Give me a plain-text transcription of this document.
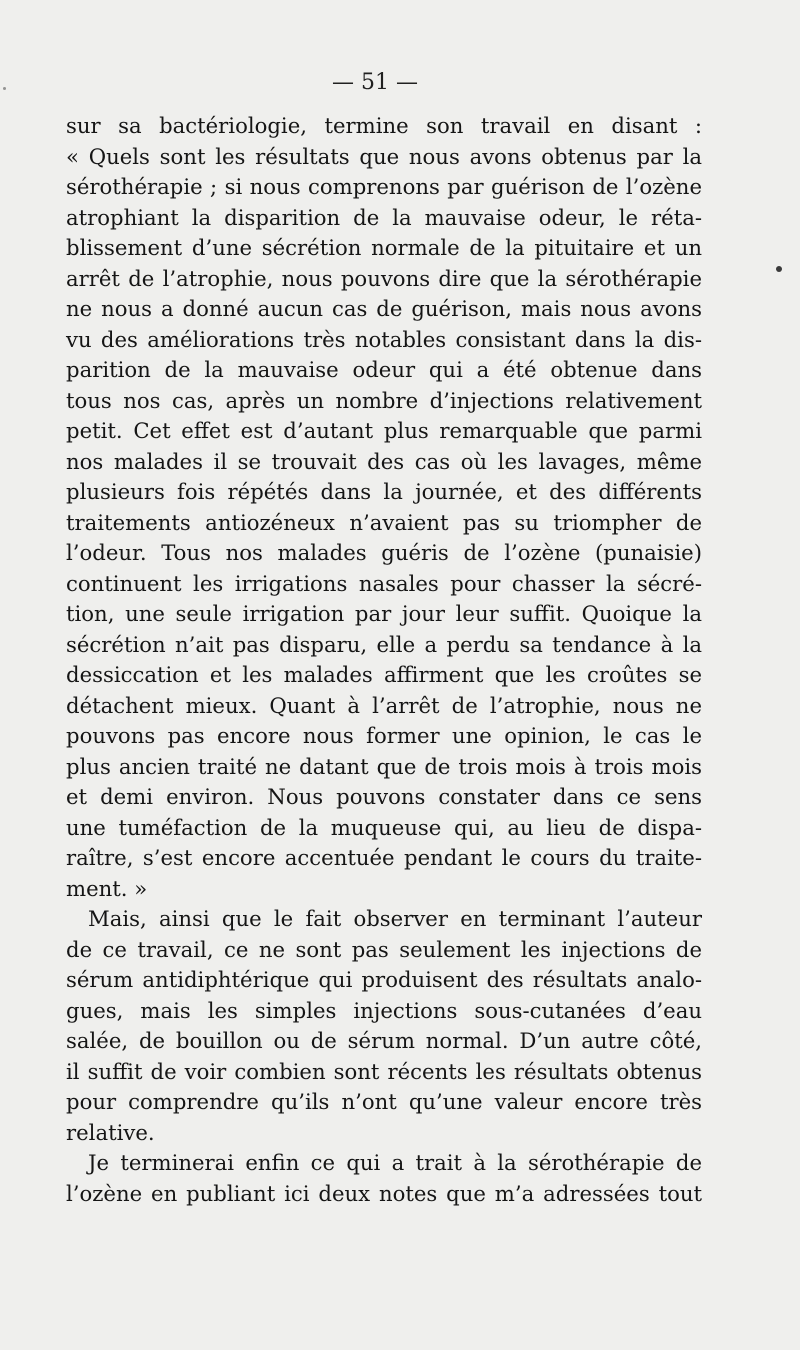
— 51 —
sur sa bactériologie, termine son travail en disant :
« Quels sont les résultats que nous avons obtenus par la
sérothérapie ; si nous comprenons par guérison de l’ozène
atrophiant la disparition de la mauvaise odeur, le réta-
blissement d’une sécrétion normale de la pituitaire et un
arrêt de l’atrophie, nous pouvons dire que la sérothérapie
ne nous a donné aucun cas de guérison, mais nous avons
vu des améliorations très notables consistant dans la dis-
parition de la mauvaise odeur qui a été obtenue dans
tous nos cas, après un nombre d’injections relativement
petit. Cet effet est d’autant plus remarquable que parmi
nos malades il se trouvait des cas où les lavages, même
plusieurs fois répétés dans la journée, et des différents
traitements antiozéneux n’avaient pas su triompher de
l’odeur. Tous nos malades guéris de l’ozène (punaisie)
continuent les irrigations nasales pour chasser la sécré-
tion, une seule irrigation par jour leur suffit. Quoique la
sécrétion n’ait pas disparu, elle a perdu sa tendance à la
dessiccation et les malades affirment que les croûtes se
détachent mieux. Quant à l’arrêt de l’atrophie, nous ne
pouvons pas encore nous former une opinion, le cas le
plus ancien traité ne datant que de trois mois à trois mois
et demi environ. Nous pouvons constater dans ce sens
une tuméfaction de la muqueuse qui, au lieu de dispa-
raître, s’est encore accentuée pendant le cours du traite-
ment. »
Mais, ainsi que le fait observer en terminant l’auteur
de ce travail, ce ne sont pas seulement les injections de
sérum antidiphtérique qui produisent des résultats analo-
gues, mais les simples injections sous-cutanées d’eau
salée, de bouillon ou de sérum normal. D’un autre côté,
il suffit de voir combien sont récents les résultats obtenus
pour comprendre qu’ils n’ont qu’une valeur encore très
relative.
Je terminerai enfin ce qui a trait à la sérothérapie de
l’ozène en publiant ici deux notes que m’a adressées tout
